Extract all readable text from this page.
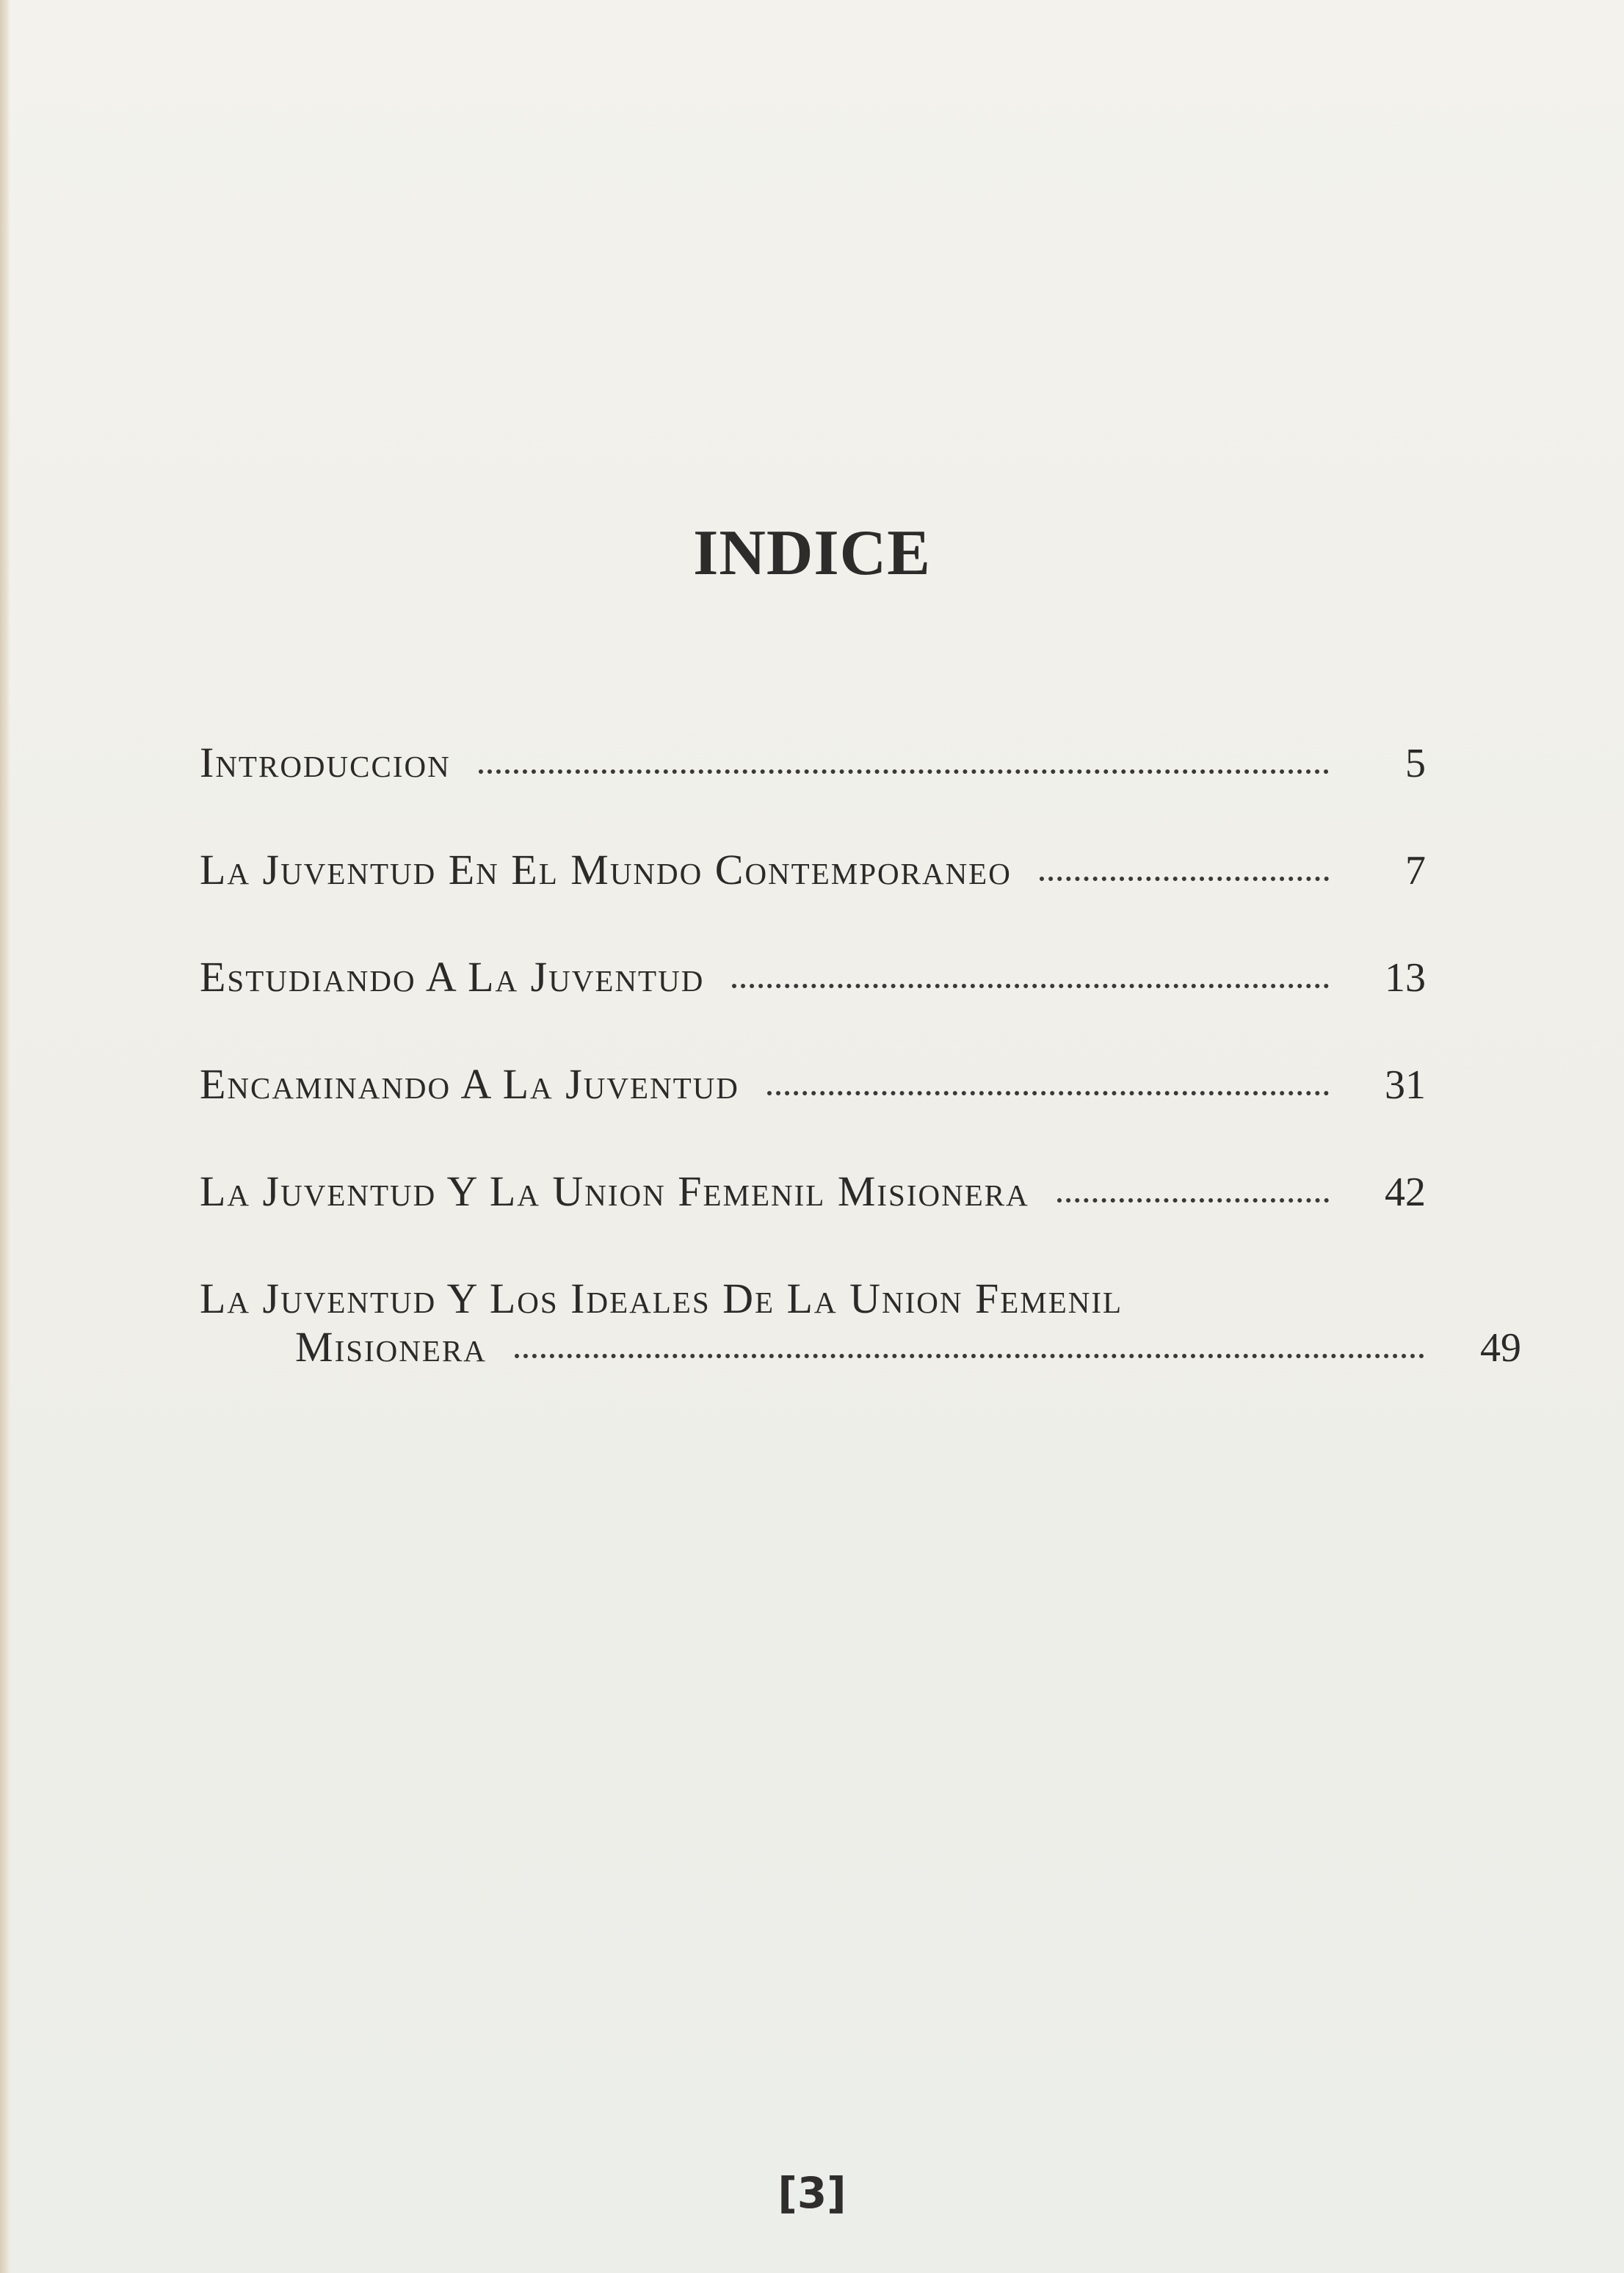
INDICE
Introduccion	5
La Juventud En El Mundo Contemporaneo	7
Estudiando A La Juventud	13
Encaminando A La Juventud	31
La Juventud Y La Union Femenil Misionera	42
La Juventud Y Los Ideales De La Union Femenil
Misionera	49
[3]
